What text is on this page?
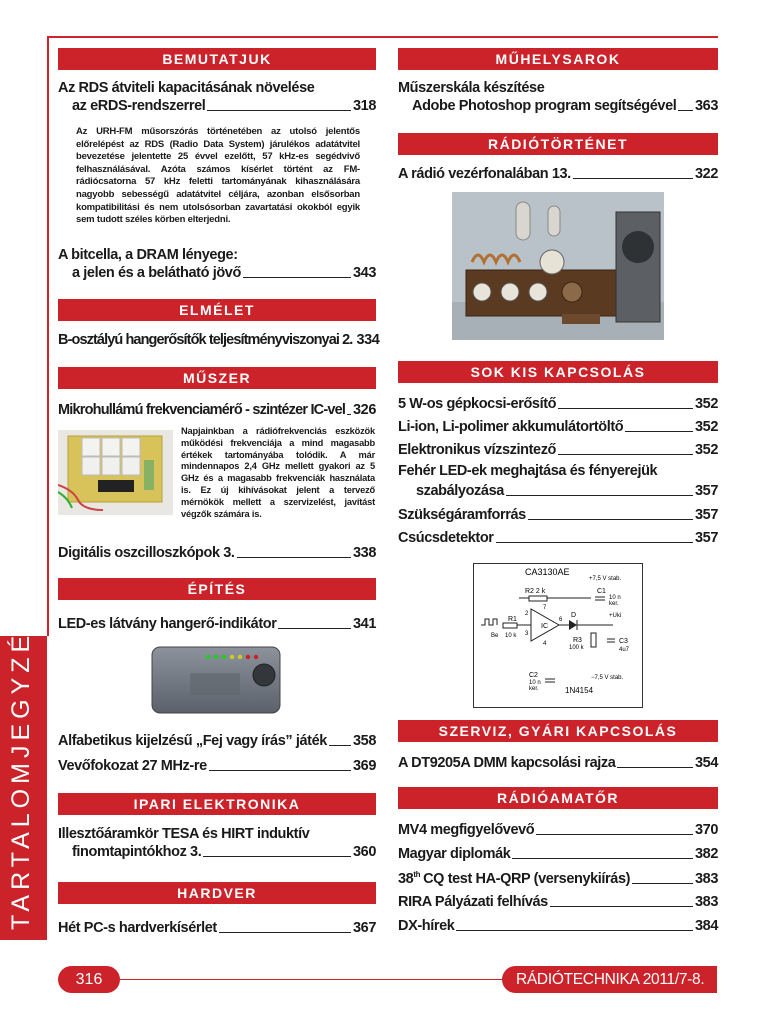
BEMUTATJUK
Az RDS átviteli kapacitásának növelése
az eRDS-rendszerrel	318
Az URH-FM műsorszórás történetében az utolsó jelentős előrelépést az RDS (Radio Data System) járulékos adatátvitel bevezetése jelentette 25 évvel ezelőtt, 57 kHz-es segédvivő felhasználásával. Azóta számos kísérlet történt az FM-rádiócsatorna 57 kHz feletti tartományának kihasználására nagyobb sebességű adatátvitel céljára, azonban elsősorban kompatibilitási és nem utolsósorban zavartatási okokból egyik sem tudott széles körben elterjedni.
A bitcella, a DRAM lényege:
a jelen és a belátható jövő	343
ELMÉLET
B-osztályú hangerősítők teljesítményviszonyai 2. 334
MŰSZER
Mikrohullámú frekvenciamérő - szintézer IC-vel 326
Napjainkban a rádiófrekvenciás eszközök működési frekvenciája a mind magasabb értékek tartományába tolódik. A már mindennapos 2,4 GHz mellett gyakori az 5 GHz és a magasabb frekvenciák használata is. Ez új kihívásokat jelent a tervező mérnökök mellett a szervizelést, javítást végzők számára is.
Digitális oszcilloszkópok 3.	338
ÉPÍTÉS
LED-es látvány hangerő-indikátor	341
Alfabetikus kijelzésű „Fej vagy írás” játék 358
Vevőfokozat 27 MHz-re	369
IPARI ELEKTRONIKA
Illesztőáramkör TESA és HIRT induktív
finomtapintókhoz 3.	360
HARDVER
Hét PC-s hardverkísérlet	367
MŰHELYSAROK
Műszerskála készítése
Adobe Photoshop program segítségével 363
RÁDIÓTÖRTÉNET
A rádió vezérfonalában 13.	322
SOK KIS KAPCSOLÁS
5 W-os gépkocsi-erősítő	352
Li-ion, Li-polimer akkumulátortöltő	352
Elektronikus vízszintező	352
Fehér LED-ek meghajtása és fényerejük
szabályozása	357
Szükségáramforrás	357
Csúcsdetektor	357
CA3130AE
+7,5 V stab.
R2 2 k	C1
10 n
ker.
+Uki
R1
10 k
Be
IC
2
3
7
6
4
D
R3
100 k
C3
4u7
−7,5 V stab.
C2
10 n
ker.	1N4154
SZERVIZ, GYÁRI KAPCSOLÁS
A DT9205A DMM kapcsolási rajza	354
RÁDIÓAMATŐR
MV4 megfigyelővevő	370
Magyar diplomák	382
38th CQ test HA-QRP (versenykiírás)	383
RIRA Pályázati felhívás	383
DX-hírek	384
TARTALOMJEGYZÉK
316	RÁDIÓTECHNIKA 2011/7-8.
